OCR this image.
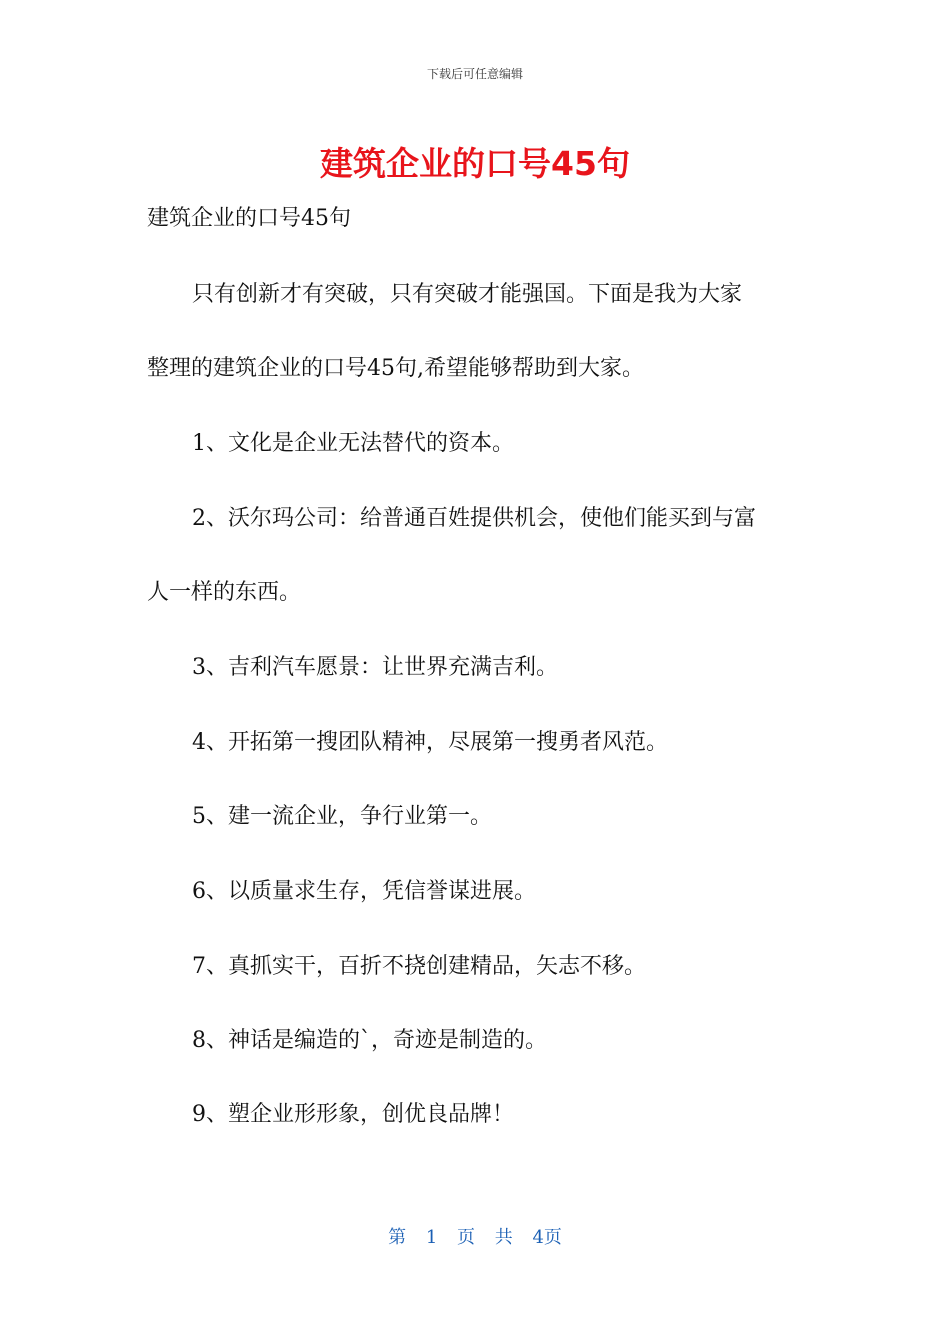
下载后可任意编辑
建筑企业的口号45句
建筑企业的口号45句
只有创新才有突破，只有突破才能强国。下面是我为大家
整理的建筑企业的口号45句,希望能够帮助到大家。
1、文化是企业无法替代的资本。
2、沃尔玛公司：给普通百姓提供机会，使他们能买到与富
人一样的东西。
3、吉利汽车愿景：让世界充满吉利。
4、开拓第一搜团队精神，尽展第一搜勇者风范。
5、建一流企业，争行业第一。
6、以质量求生存，凭信誉谋进展。
7、真抓实干，百折不挠创建精品，矢志不移。
8、神话是编造的`，奇迹是制造的。
9、塑企业形形象，创优良品牌！
第 1 页 共 4页
